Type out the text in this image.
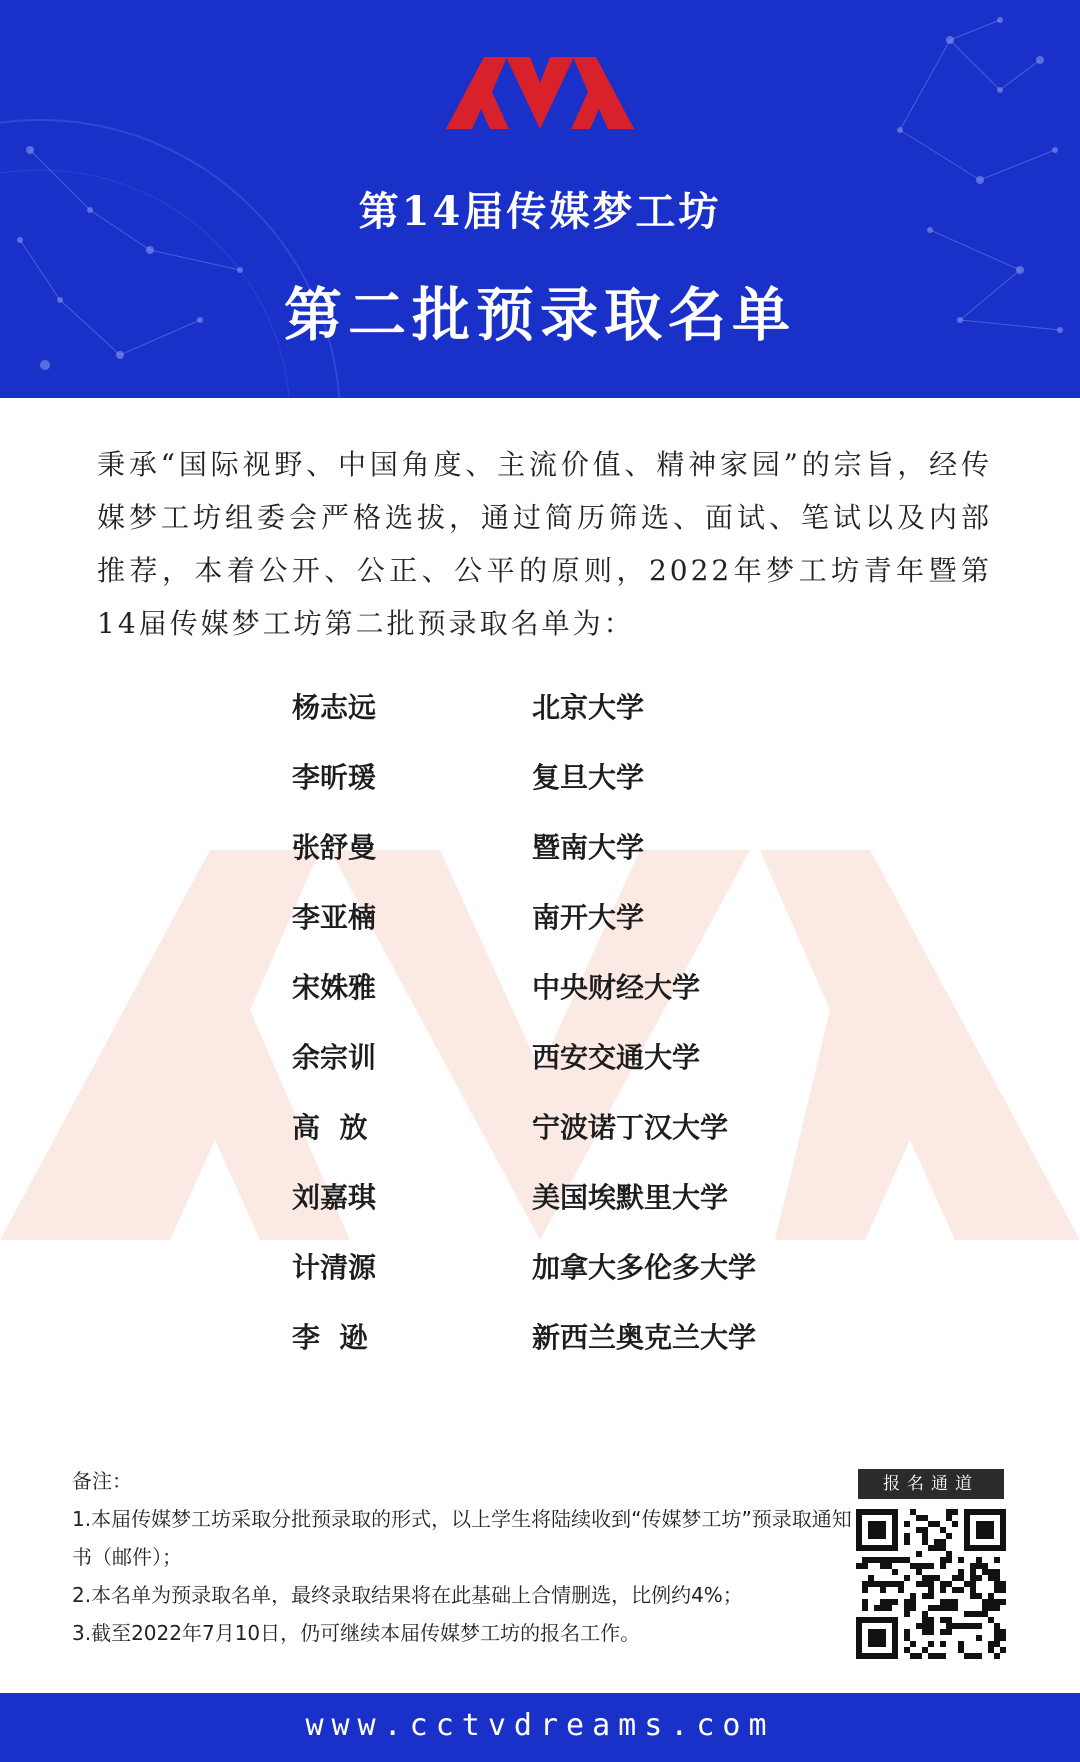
第14届传媒梦工坊
第二批预录取名单
秉承“国际视野、中国角度、主流价值、精神家园”的宗旨，经传媒梦工坊组委会严格选拔，通过简历筛选、面试、笔试以及内部推荐，本着公开、公正、公平的原则，2022年梦工坊青年暨第14届传媒梦工坊第二批预录取名单为：
杨志远	北京大学
李昕瑗	复旦大学
张舒曼	暨南大学
李亚楠	南开大学
宋姝雅	中央财经大学
余宗训	西安交通大学
高  放	宁波诺丁汉大学
刘嘉琪	美国埃默里大学
计清源	加拿大多伦多大学
李  逊	新西兰奥克兰大学

备注：

1.本届传媒梦工坊采取分批预录取的形式，以上学生将陆续收到“传媒梦工坊”预录取通知书（邮件）；

2.本名单为预录取名单，最终录取结果将在此基础上合情删选，比例约4%；

3.截至2022年7月10日，仍可继续本届传媒梦工坊的报名工作。

报名通道
www.cctvdreams.com
